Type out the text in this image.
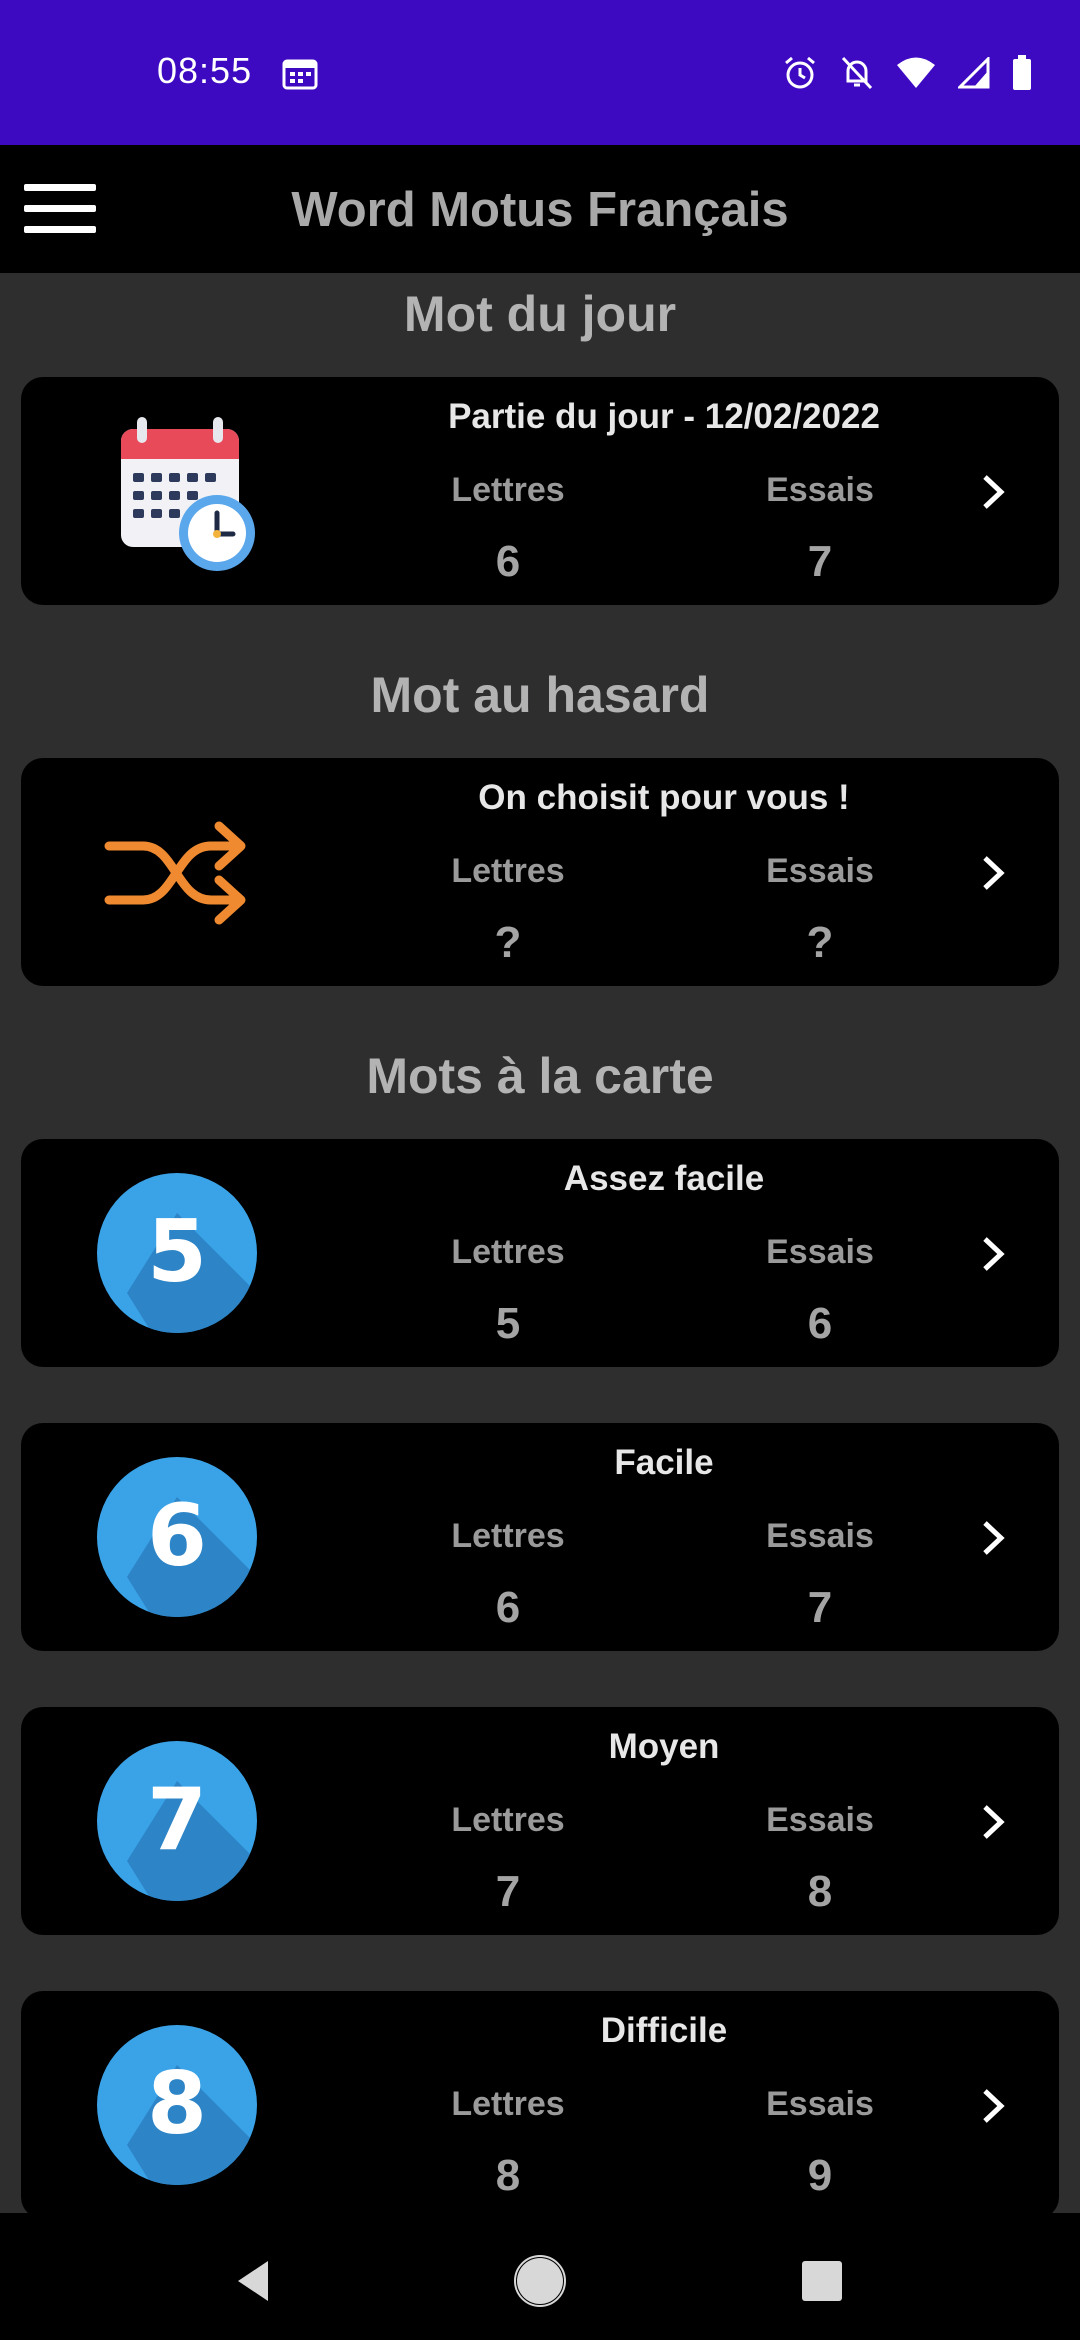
08:55
Word Motus Français
Mot du jour
Partie du jour - 12/02/2022
Lettres	Essais
6	7
Mot au hasard
On choisit pour vous !
Lettres	Essais
?	?
Mots à la carte
5
Assez facile
Lettres	Essais
5	6
6
Facile
Lettres	Essais
6	7
7
Moyen
Lettres	Essais
7	8
8
Difficile
Lettres	Essais
8	9
